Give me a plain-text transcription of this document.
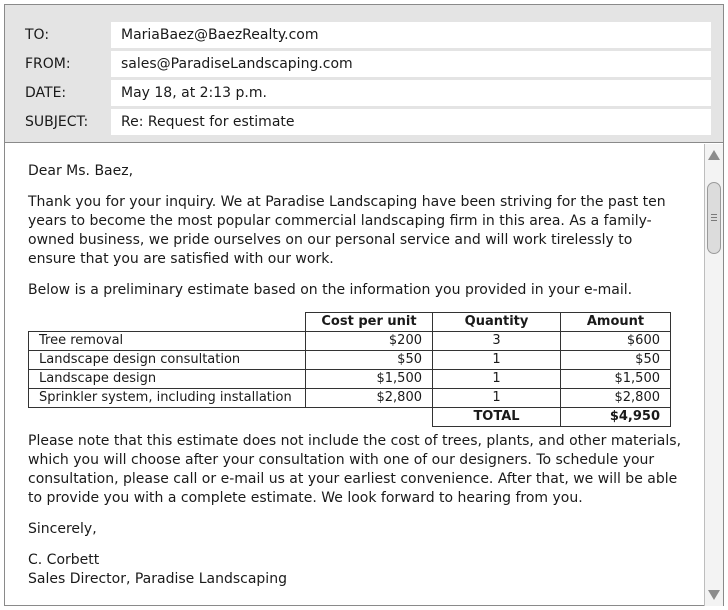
TO:	MariaBaez@BaezRealty.com
FROM:	sales@ParadiseLandscaping.com
DATE:	May 18, at 2:13 p.m.
SUBJECT:	Re: Request for estimate

Dear Ms. Baez,

Thank you for your inquiry. We at Paradise Landscaping have been striving for the past ten years to become the most popular commercial landscaping firm in this area. As a family-owned business, we pride ourselves on our personal service and will work tirelessly to ensure that you are satisfied with our work.

Below is a preliminary estimate based on the information you provided in your e-mail.

	Cost per unit	Quantity	Amount
Tree removal	$200	3	$600
Landscape design consultation	$50	1	$50
Landscape design	$1,500	1	$1,500
Sprinkler system, including installation	$2,800	1	$2,800
		TOTAL	$4,950

Please note that this estimate does not include the cost of trees, plants, and other materials, which you will choose after your consultation with one of our designers. To schedule your consultation, please call or e-mail us at your earliest convenience. After that, we will be able to provide you with a complete estimate. We look forward to hearing from you.

Sincerely,

C. Corbett

Sales Director, Paradise Landscaping
